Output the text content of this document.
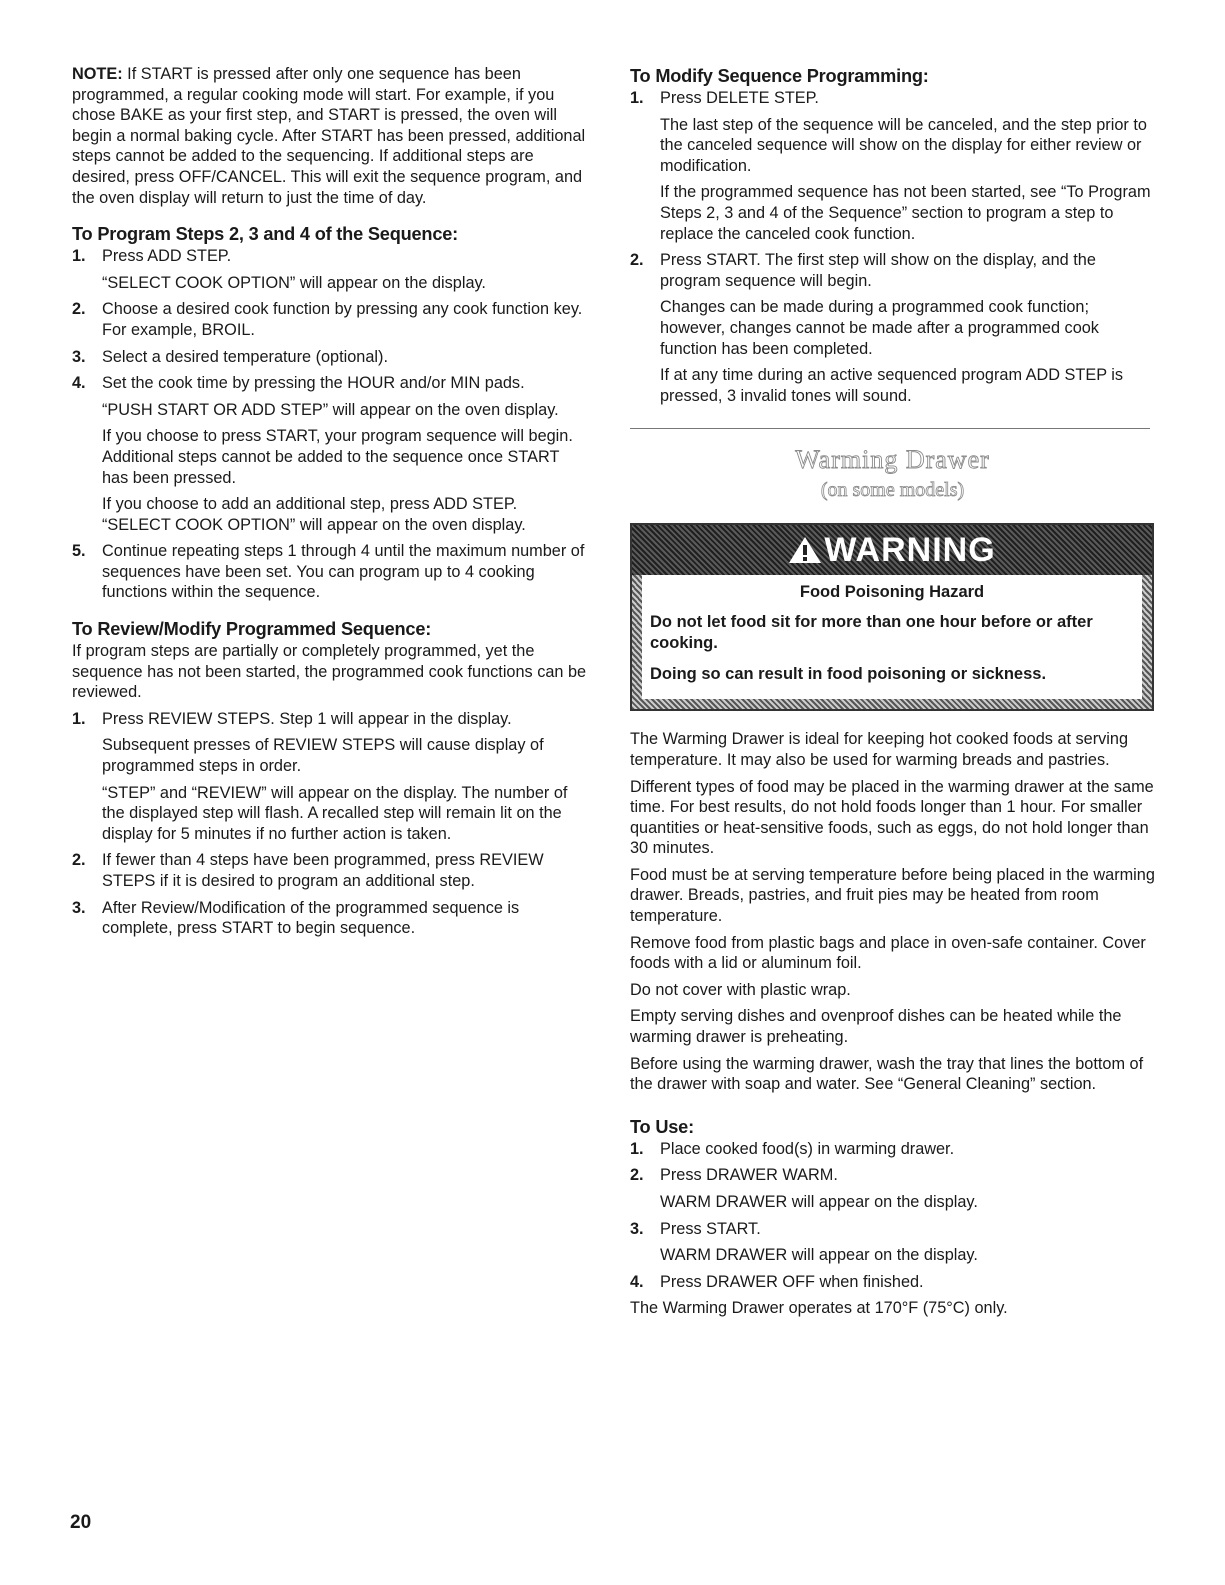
NOTE: If START is pressed after only one sequence has been programmed, a regular cooking mode will start. For example, if you chose BAKE as your first step, and START is pressed, the oven will begin a normal baking cycle. After START has been pressed, additional steps cannot be added to the sequencing. If additional steps are desired, press OFF/CANCEL. This will exit the sequence program, and the oven display will return to just the time of day.

To Program Steps 2, 3 and 4 of the Sequence:
1. Press ADD STEP.
“SELECT COOK OPTION” will appear on the display.
2. Choose a desired cook function by pressing any cook function key. For example, BROIL.
3. Select a desired temperature (optional).
4. Set the cook time by pressing the HOUR and/or MIN pads.
“PUSH START OR ADD STEP” will appear on the oven display.
If you choose to press START, your program sequence will begin. Additional steps cannot be added to the sequence once START has been pressed.
If you choose to add an additional step, press ADD STEP. “SELECT COOK OPTION” will appear on the oven display.
5. Continue repeating steps 1 through 4 until the maximum number of sequences have been set. You can program up to 4 cooking functions within the sequence.
To Review/Modify Programmed Sequence:

If program steps are partially or completely programmed, yet the sequence has not been started, the programmed cook functions can be reviewed.

1. Press REVIEW STEPS. Step 1 will appear in the display.
Subsequent presses of REVIEW STEPS will cause display of programmed steps in order.
“STEP” and “REVIEW” will appear on the display. The number of the displayed step will flash. A recalled step will remain lit on the display for 5 minutes if no further action is taken.
2. If fewer than 4 steps have been programmed, press REVIEW STEPS if it is desired to program an additional step.
3. After Review/Modification of the programmed sequence is complete, press START to begin sequence.
To Modify Sequence Programming:
1. Press DELETE STEP.
The last step of the sequence will be canceled, and the step prior to the canceled sequence will show on the display for either review or modification.
If the programmed sequence has not been started, see “To Program Steps 2, 3 and 4 of the Sequence” section to program a step to replace the canceled cook function.
2. Press START. The first step will show on the display, and the program sequence will begin.
Changes can be made during a programmed cook function; however, changes cannot be made after a programmed cook function has been completed.
If at any time during an active sequenced program ADD STEP is pressed, 3 invalid tones will sound.
Warming Drawer
(on some models)
WARNING
Food Poisoning Hazard
Do not let food sit for more than one hour before or after cooking.
Doing so can result in food poisoning or sickness.

The Warming Drawer is ideal for keeping hot cooked foods at serving temperature. It may also be used for warming breads and pastries.

Different types of food may be placed in the warming drawer at the same time. For best results, do not hold foods longer than 1 hour. For smaller quantities or heat-sensitive foods, such as eggs, do not hold longer than 30 minutes.

Food must be at serving temperature before being placed in the warming drawer. Breads, pastries, and fruit pies may be heated from room temperature.

Remove food from plastic bags and place in oven-safe container. Cover foods with a lid or aluminum foil.

Do not cover with plastic wrap.

Empty serving dishes and ovenproof dishes can be heated while the warming drawer is preheating.

Before using the warming drawer, wash the tray that lines the bottom of the drawer with soap and water. See “General Cleaning” section.

To Use:
1. Place cooked food(s) in warming drawer.
2. Press DRAWER WARM.
WARM DRAWER will appear on the display.
3. Press START.
WARM DRAWER will appear on the display.
4. Press DRAWER OFF when finished.

The Warming Drawer operates at 170°F (75°C) only.

20
